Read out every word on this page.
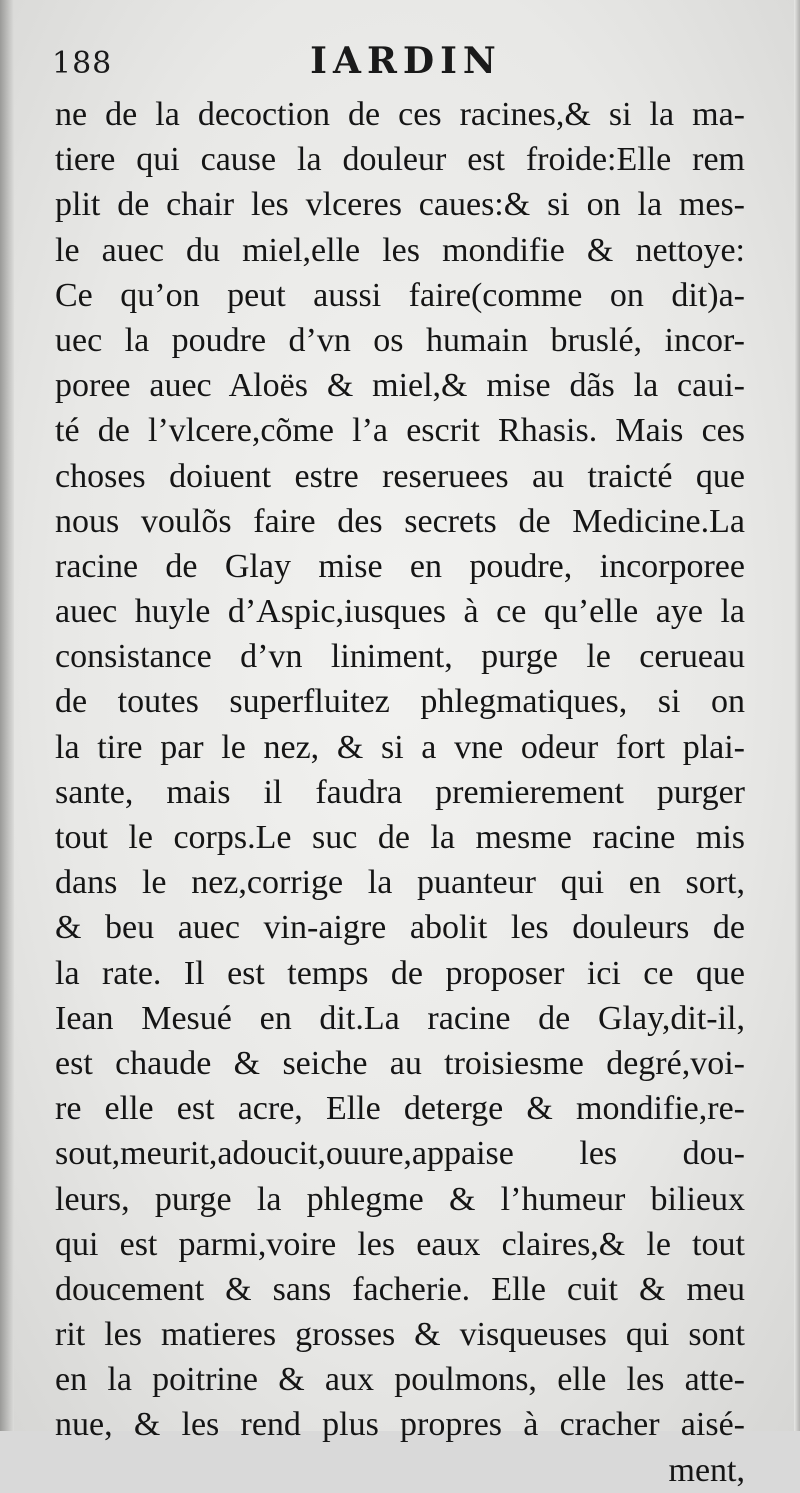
188	IARDIN
ne de la decoction de ces racines,& si la ma-
tiere qui cause la douleur est froide:Elle rem
plit de chair les vlceres caues:& si on la mes-
le auec du miel,elle les mondifie & nettoye:
Ce qu’on peut aussi faire(comme on dit)a-
uec la poudre d’vn os humain bruslé, incor-
poree auec Aloës & miel,& mise dãs la caui-
té de l’vlcere,cõme l’a escrit Rhasis. Mais ces
choses doiuent estre reseruees au traicté que
nous voulõs faire des secrets de Medicine.La
racine de Glay mise en poudre, incorporee
auec huyle d’Aspic,iusques à ce qu’elle aye la
consistance d’vn liniment, purge le cerueau
de toutes superfluitez phlegmatiques, si on
la tire par le nez, & si a vne odeur fort plai-
sante, mais il faudra premierement purger
tout le corps.Le suc de la mesme racine mis
dans le nez,corrige la puanteur qui en sort,
& beu auec vin-aigre abolit les douleurs de
la rate. Il est temps de proposer ici ce que
Iean Mesué en dit.La racine de Glay,dit-il,
est chaude & seiche au troisiesme degré,voi-
re elle est acre, Elle deterge & mondifie,re-
sout,meurit,adoucit,ouure,appaise les dou-
leurs, purge la phlegme & l’humeur bilieux
qui est parmi,voire les eaux claires,& le tout
doucement & sans facherie. Elle cuit & meu
rit les matieres grosses & visqueuses qui sont
en la poitrine & aux poulmons, elle les atte-
nue, & les rend plus propres à cracher aisé-
ment,
